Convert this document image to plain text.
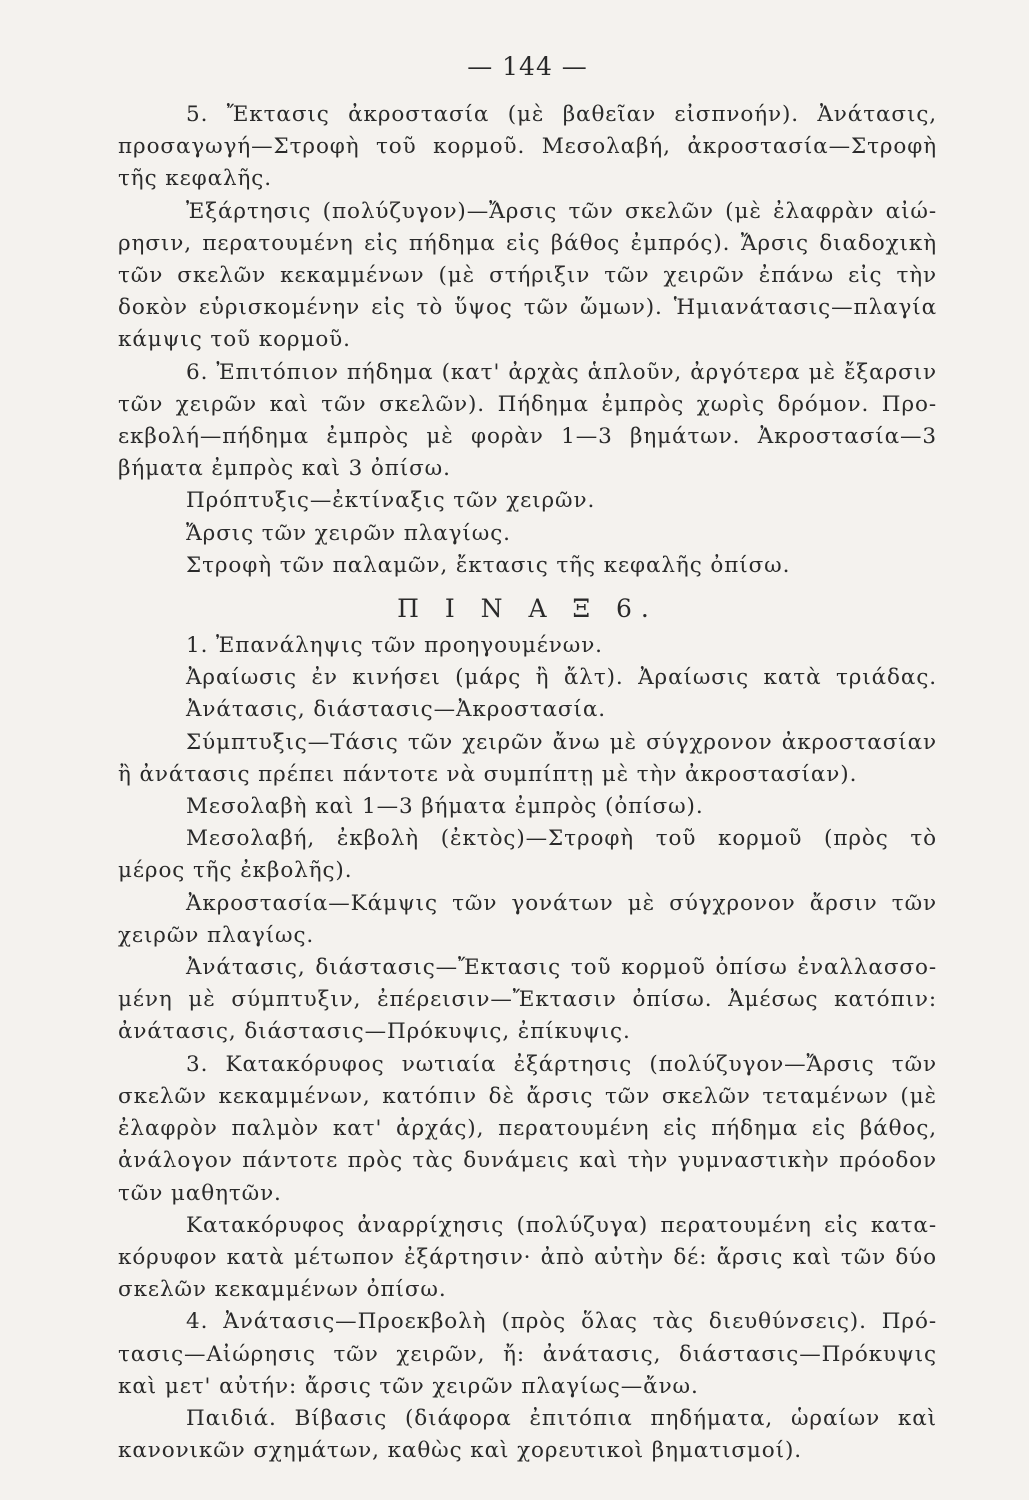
— 144 —
5. Ἔκτασις ἀκροστασία (μὲ βαθεῖαν εἰσπνοήν). Ἀνάτασις,
προσαγωγή—Στροφὴ τοῦ κορμοῦ. Μεσολαβή, ἀκροστασία—Στροφὴ
τῆς κεφαλῆς.
Ἐξάρτησις (πολύζυγον)—Ἄρσις τῶν σκελῶν (μὲ ἐλαφρὰν αἰώ-
ρησιν, περατουμένη εἰς πήδημα εἰς βάθος ἐμπρός). Ἄρσις διαδοχικὴ
τῶν σκελῶν κεκαμμένων (μὲ στήριξιν τῶν χειρῶν ἐπάνω εἰς τὴν
δοκὸν εὑρισκομένην εἰς τὸ ὕψος τῶν ὤμων). Ἡμιανάτασις—πλαγία
κάμψις τοῦ κορμοῦ.
6. Ἐπιτόπιον πήδημα (κατ' ἀρχὰς ἁπλοῦν, ἀργότερα μὲ ἔξαρσιν
τῶν χειρῶν καὶ τῶν σκελῶν). Πήδημα ἐμπρὸς χωρὶς δρόμον. Προ-
εκβολή—πήδημα ἐμπρὸς μὲ φορὰν 1—3 βημάτων. Ἀκροστασία—3
βήματα ἐμπρὸς καὶ 3 ὀπίσω.
Πρόπτυξις—ἐκτίναξις τῶν χειρῶν.
Ἄρσις τῶν χειρῶν πλαγίως.
Στροφὴ τῶν παλαμῶν, ἔκτασις τῆς κεφαλῆς ὀπίσω.
Π Ι Ν Α Ξ 6.
1. Ἐπανάληψις τῶν προηγουμένων.
Ἀραίωσις ἐν κινήσει (μάρς ἢ ἄλτ). Ἀραίωσις κατὰ τριάδας.
Ἀνάτασις, διάστασις—Ἀκροστασία.
Σύμπτυξις—Τάσις τῶν χειρῶν ἄνω μὲ σύγχρονον ἀκροστασίαν
ἢ ἀνάτασις πρέπει πάντοτε νὰ συμπίπτῃ μὲ τὴν ἀκροστασίαν).
Μεσολαβὴ καὶ 1—3 βήματα ἐμπρὸς (ὀπίσω).
Μεσολαβή, ἐκβολὴ (ἐκτὸς)—Στροφὴ τοῦ κορμοῦ (πρὸς τὸ
μέρος τῆς ἐκβολῆς).
Ἀκροστασία—Κάμψις τῶν γονάτων μὲ σύγχρονον ἄρσιν τῶν
χειρῶν πλαγίως.
Ἀνάτασις, διάστασις—Ἔκτασις τοῦ κορμοῦ ὀπίσω ἐναλλασσο-
μένη μὲ σύμπτυξιν, ἐπέρεισιν—Ἔκτασιν ὀπίσω. Ἀμέσως κατόπιν:
ἀνάτασις, διάστασις—Πρόκυψις, ἐπίκυψις.
3. Κατακόρυφος νωτιαία ἐξάρτησις (πολύζυγον—Ἄρσις τῶν
σκελῶν κεκαμμένων, κατόπιν δὲ ἄρσις τῶν σκελῶν τεταμένων (μὲ
ἐλαφρὸν παλμὸν κατ' ἀρχάς), περατουμένη εἰς πήδημα εἰς βάθος,
ἀνάλογον πάντοτε πρὸς τὰς δυνάμεις καὶ τὴν γυμναστικὴν πρόοδον
τῶν μαθητῶν.
Κατακόρυφος ἀναρρίχησις (πολύζυγα) περατουμένη εἰς κατα-
κόρυφον κατὰ μέτωπον ἐξάρτησιν· ἀπὸ αὐτὴν δέ: ἄρσις καὶ τῶν δύο
σκελῶν κεκαμμένων ὀπίσω.
4. Ἀνάτασις—Προεκβολὴ (πρὸς ὅλας τὰς διευθύνσεις). Πρό-
τασις—Αἰώρησις τῶν χειρῶν, ἤ: ἀνάτασις, διάστασις—Πρόκυψις
καὶ μετ' αὐτήν: ἄρσις τῶν χειρῶν πλαγίως—ἄνω.
Παιδιά. Βίβασις (διάφορα ἐπιτόπια πηδήματα, ὡραίων καὶ
κανονικῶν σχημάτων, καθὼς καὶ χορευτικοὶ βηματισμοί).
